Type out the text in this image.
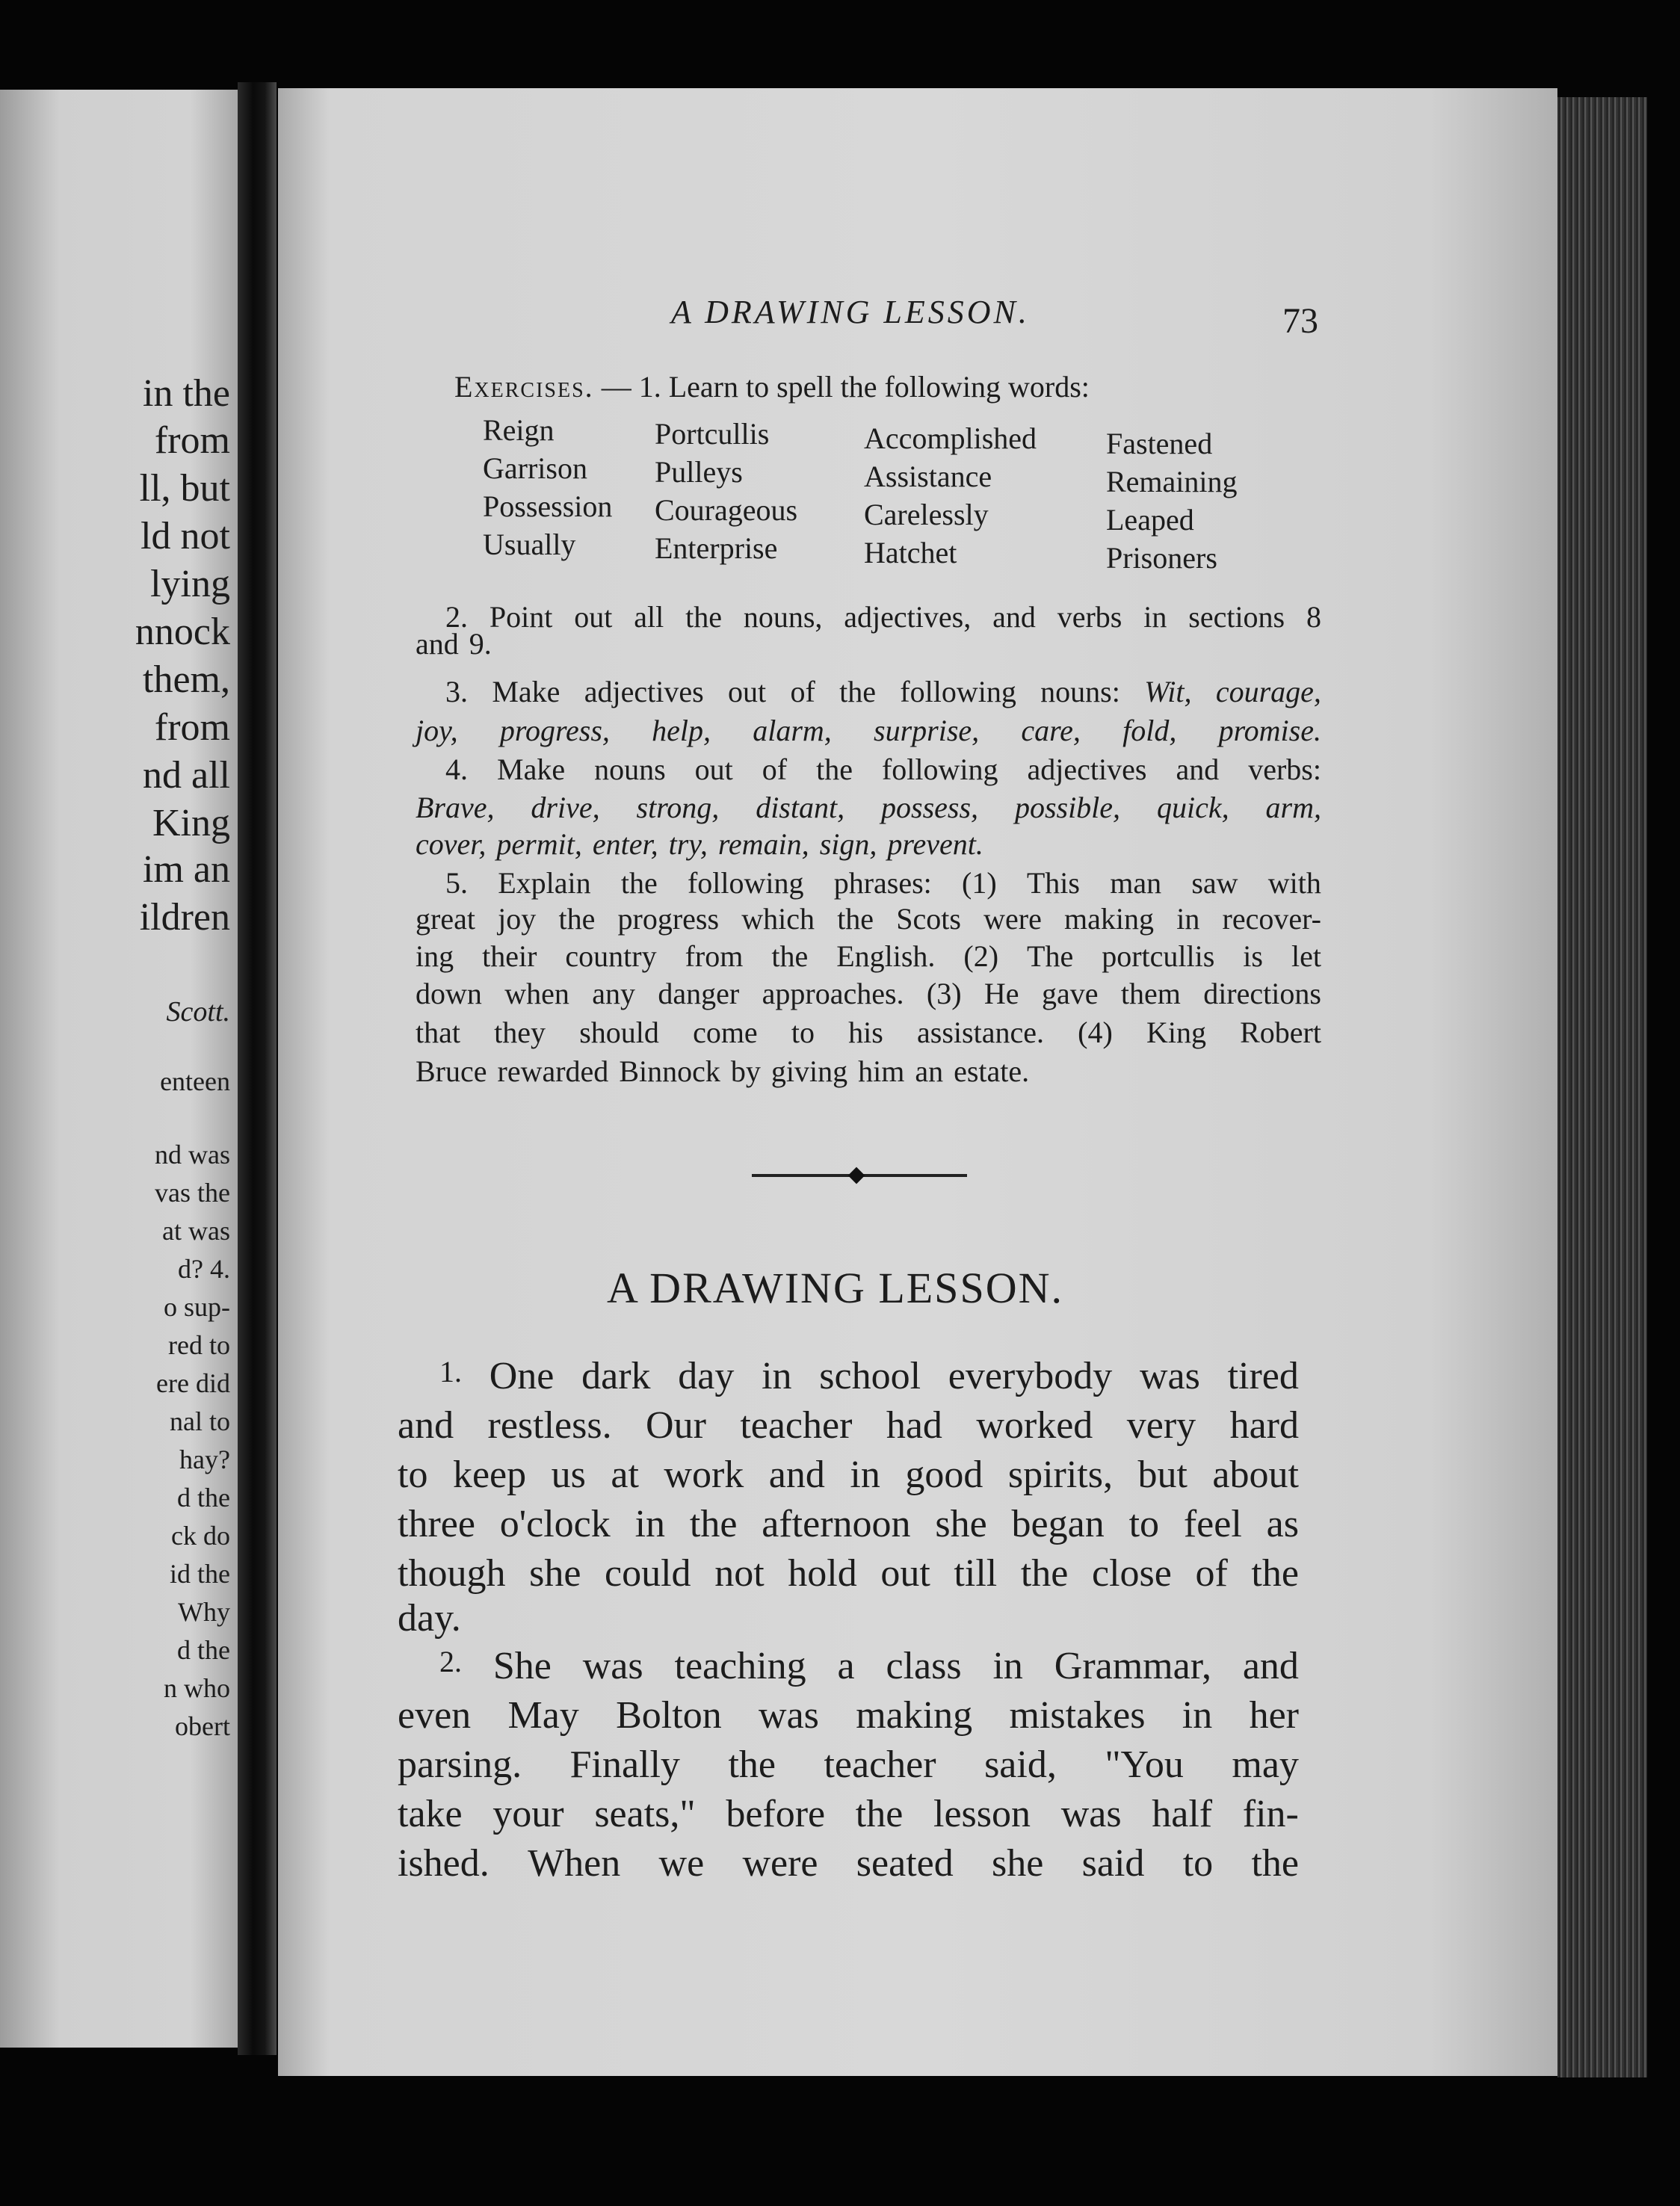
in the
from
ll, but
ld not
lying
nnock
them,
from
nd all
King
im an
ildren
Scott.
enteen
nd was
vas the
at was
d? 4.
o sup-
red to
ere did
nal to
hay?
d the
ck do
id the
Why
d the
n who
obert
A DRAWING LESSON.	73
Exercises. — 1. Learn to spell the following words:
Reign
Garrison
Possession
Usually
Portcullis
Pulleys
Courageous
Enterprise
Accomplished
Assistance
Carelessly
Hatchet
Fastened
Remaining
Leaped
Prisoners
2. Point out all the nouns, adjectives, and verbs in sections 8
and 9.
3. Make adjectives out of the following nouns: Wit, courage,
joy, progress, help, alarm, surprise, care, fold, promise.
4. Make nouns out of the following adjectives and verbs:
Brave, drive, strong, distant, possess, possible, quick, arm,
cover, permit, enter, try, remain, sign, prevent.
5. Explain the following phrases: (1) This man saw with
great joy the progress which the Scots were making in recover-
ing their country from the English. (2) The portcullis is let
down when any danger approaches. (3) He gave them directions
that they should come to his assistance. (4) King Robert
Bruce rewarded Binnock by giving him an estate.
A DRAWING LESSON.
1. One dark day in school everybody was tired
and restless. Our teacher had worked very hard
to keep us at work and in good spirits, but about
three o'clock in the afternoon she began to feel as
though she could not hold out till the close of the
day.
2. She was teaching a class in Grammar, and
even May Bolton was making mistakes in her
parsing. Finally the teacher said, "You may
take your seats," before the lesson was half fin-
ished. When we were seated she said to the
